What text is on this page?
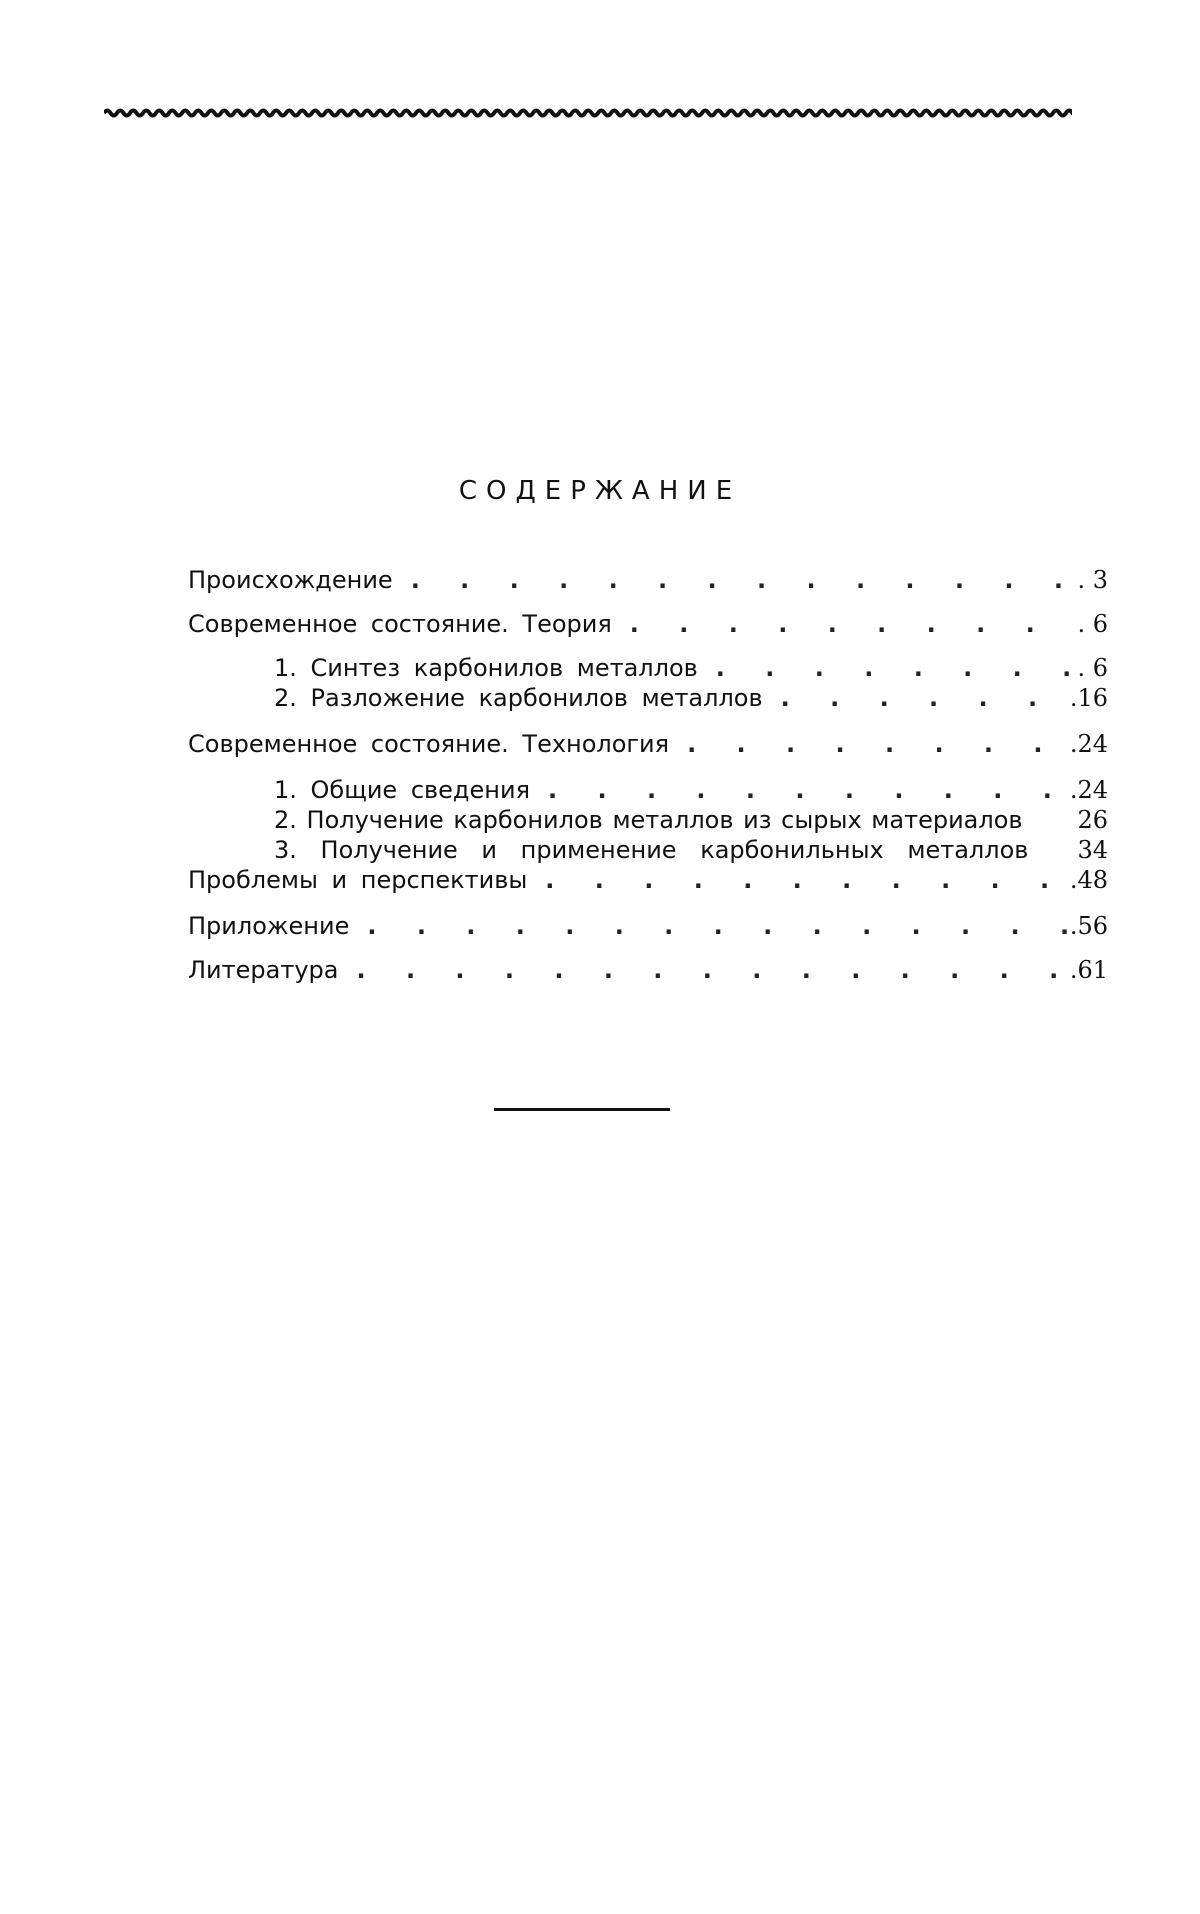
СОДЕРЖАНИЕ
Происхождение . . .	. 3
Современное состояние. Теория . . .	. 6
1. Синтез карбонилов металлов . . .	. 6
2. Разложение карбонилов металлов . . .	.16
Современное состояние. Технология . . .	.24
1. Общие сведения . . .	.24
2. Получение карбонилов металлов из сырых материалов 26
3. Получение и применение карбонильных металлов 34
Проблемы и перспективы . . .	.48
Приложение . . .	.56
Литература . . .	.61
